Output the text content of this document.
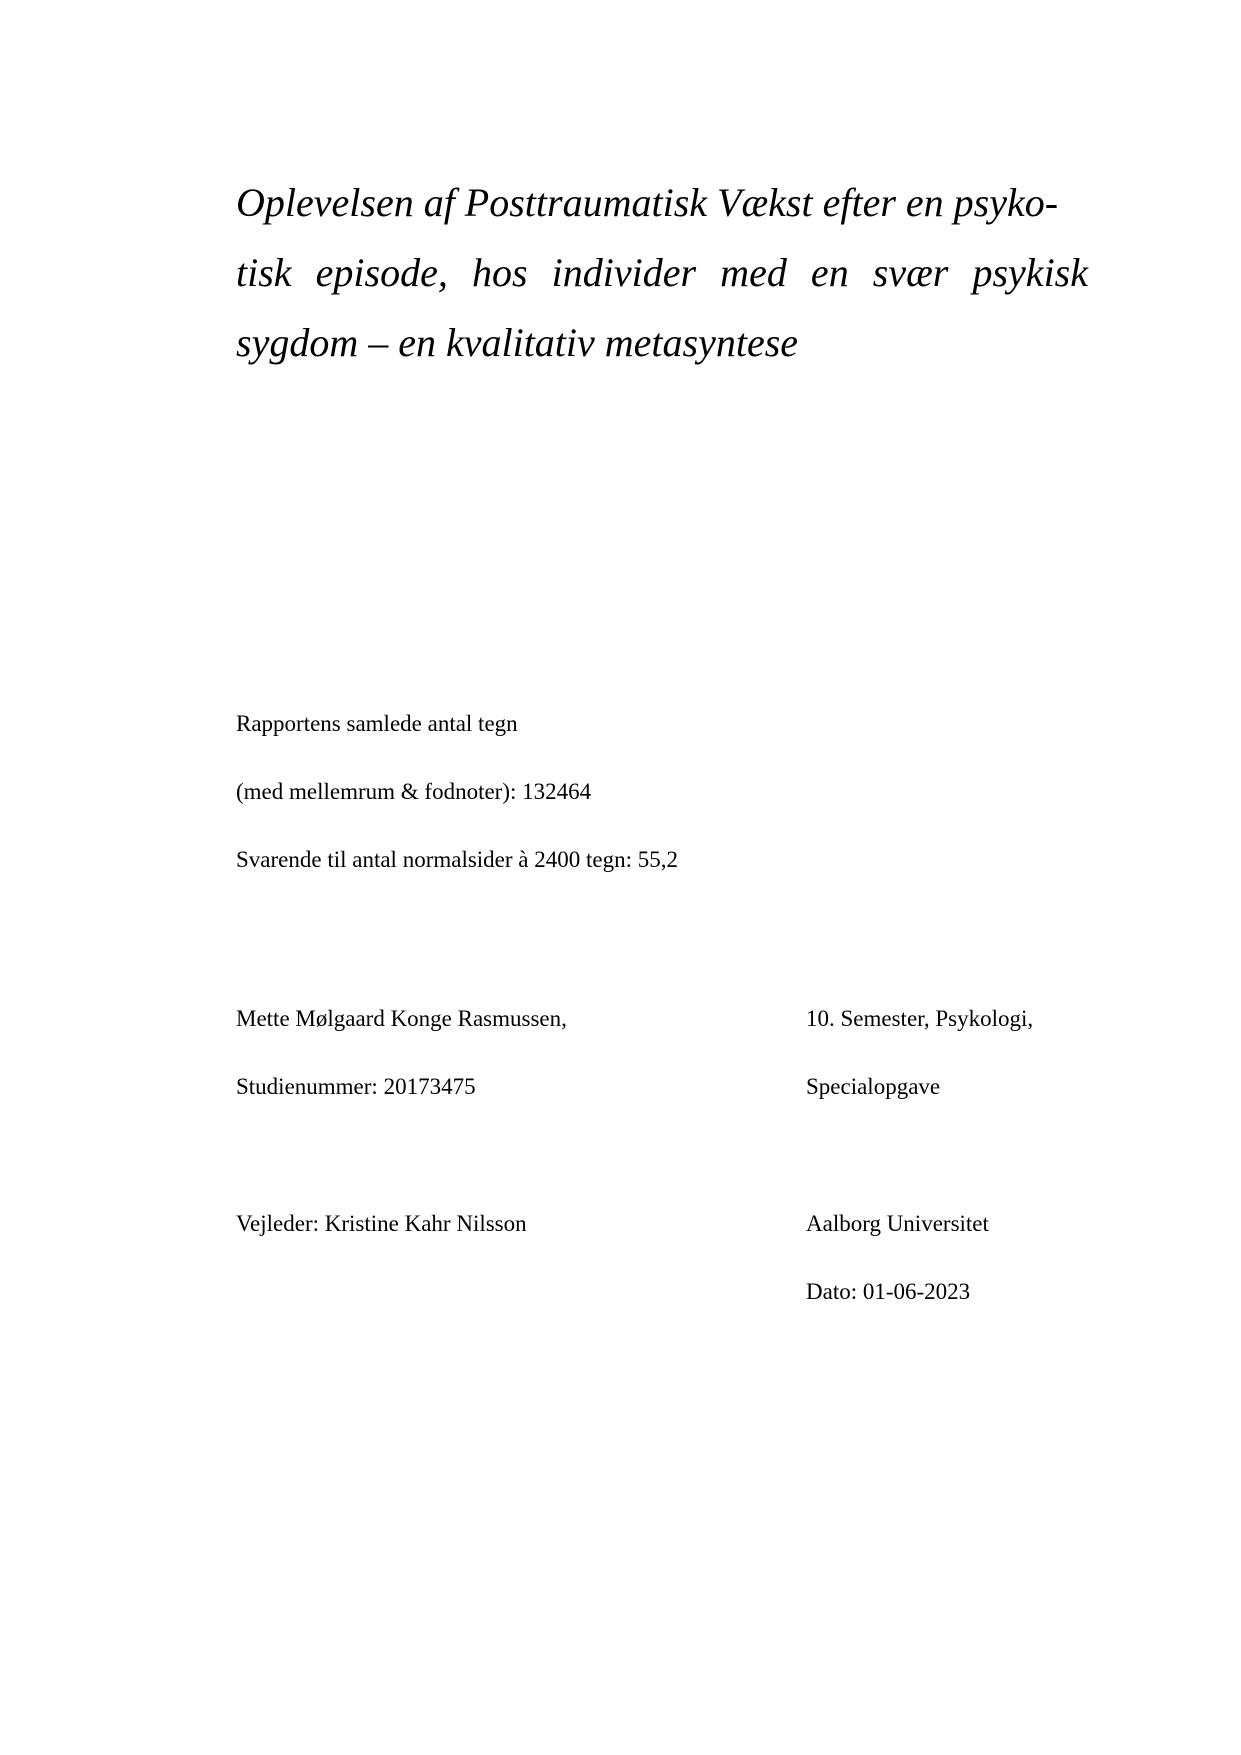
Oplevelsen af Posttraumatisk Vækst efter en psyko-
tisk episode, hos individer med en svær psykisk
sygdom – en kvalitativ metasyntese

Rapportens samlede antal tegn

(med mellemrum & fodnoter): 132464

Svarende til antal normalsider à 2400 tegn: 55,2

Mette Mølgaard Konge Rasmussen,

Studienummer: 20173475

10. Semester, Psykologi,

Specialopgave

Vejleder: Kristine Kahr Nilsson	Aalborg Universitet

Dato: 01-06-2023
